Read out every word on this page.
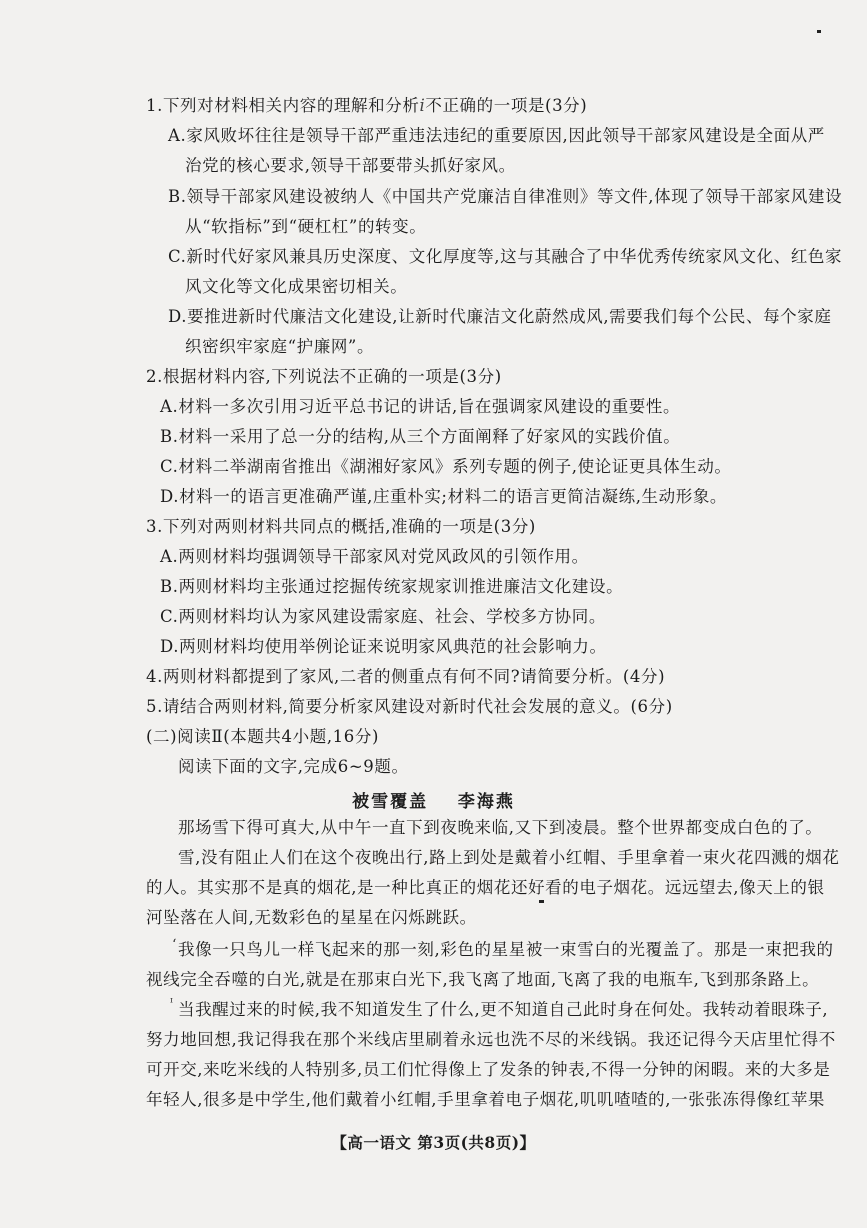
1.下列对材料相关内容的理解和分析i不正确的一项是(3分)
A.家风败坏往往是领导干部严重违法违纪的重要原因,因此领导干部家风建设是全面从严
治党的核心要求,领导干部要带头抓好家风。
B.领导干部家风建设被纳人《中国共产党廉洁自律准则》等文件,体现了领导干部家风建设
从“软指标”到“硬杠杠”的转变。
C.新时代好家风兼具历史深度、文化厚度等,这与其融合了中华优秀传统家风文化、红色家
风文化等文化成果密切相关。
D.要推进新时代廉洁文化建设,让新时代廉洁文化蔚然成风,需要我们每个公民、每个家庭
织密织牢家庭“护廉网”。
2.根据材料内容,下列说法不正确的一项是(3分)
A.材料一多次引用习近平总书记的讲话,旨在强调家风建设的重要性。
B.材料一采用了总一分的结构,从三个方面阐释了好家风的实践价值。
C.材料二举湖南省推出《湖湘好家风》系列专题的例子,使论证更具体生动。
D.材料一的语言更准确严谨,庄重朴实;材料二的语言更简洁凝练,生动形象。
3.下列对两则材料共同点的概括,准确的一项是(3分)
A.两则材料均强调领导干部家风对党风政风的引领作用。
B.两则材料均主张通过挖掘传统家规家训推进廉洁文化建设。
C.两则材料均认为家风建设需家庭、社会、学校多方协同。
D.两则材料均使用举例论证来说明家风典范的社会影响力。
4.两则材料都提到了家风,二者的侧重点有何不同?请简要分析。(4分)
5.请结合两则材料,简要分析家风建设对新时代社会发展的意义。(6分)
(二)阅读Ⅱ(本题共4小题,16分)
阅读下面的文字,完成6~9题。
被雪覆盖 李海燕
那场雪下得可真大,从中午一直下到夜晚来临,又下到凌晨。整个世界都变成白色的了。
雪,没有阻止人们在这个夜晚出行,路上到处是戴着小红帽、手里拿着一束火花四溅的烟花
的人。其实那不是真的烟花,是一种比真正的烟花还好看的电子烟花。远远望去,像天上的银
河坠落在人间,无数彩色的星星在闪烁跳跃。
‘ 我像一只鸟儿一样飞起来的那一刻,彩色的星星被一束雪白的光覆盖了。那是一束把我的
视线完全吞噬的白光,就是在那束白光下,我飞离了地面,飞离了我的电瓶车,飞到那条路上。
ᶦ 当我醒过来的时候,我不知道发生了什么,更不知道自己此时身在何处。我转动着眼珠子,
努力地回想,我记得我在那个米线店里刷着永远也洗不尽的米线锅。我还记得今天店里忙得不
可开交,来吃米线的人特别多,员工们忙得像上了发条的钟表,不得一分钟的闲暇。来的大多是
年轻人,很多是中学生,他们戴着小红帽,手里拿着电子烟花,叽叽喳喳的,一张张冻得像红苹果
【高一语文 第3页(共8页)】
